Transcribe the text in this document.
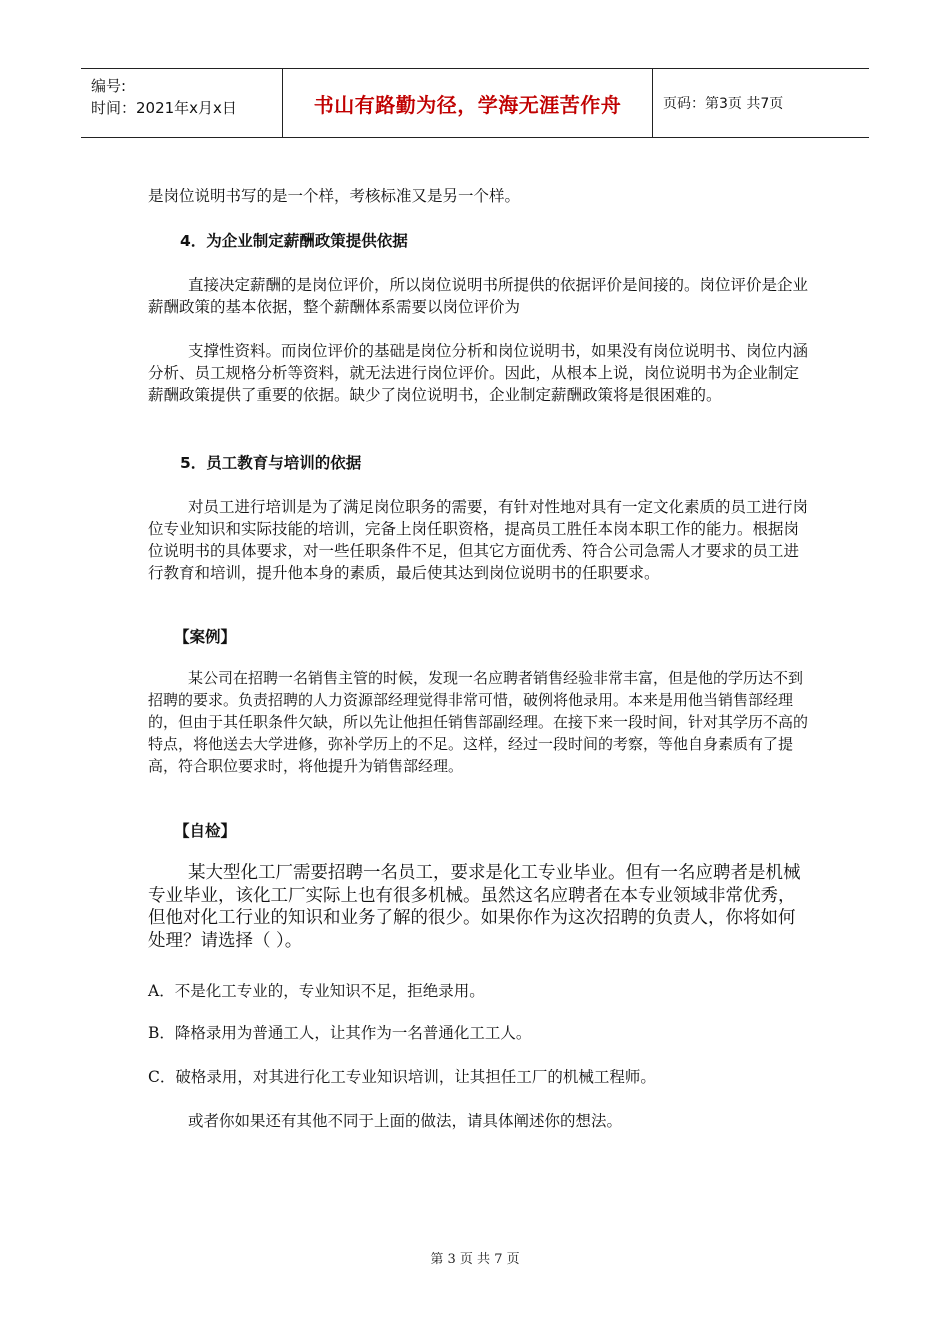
编号:
时间：2021年x月x日	书山有路勤为径，学海无涯苦作舟	页码：第3页 共7页

是岗位说明书写的是一个样，考核标准又是另一个样。

4．为企业制定薪酬政策提供依据

直接决定薪酬的是岗位评价，所以岗位说明书所提供的依据评价是间接的。岗位评价是企业薪酬政策的基本依据，整个薪酬体系需要以岗位评价为

支撑性资料。而岗位评价的基础是岗位分析和岗位说明书，如果没有岗位说明书、岗位内涵分析、员工规格分析等资料，就无法进行岗位评价。因此，从根本上说，岗位说明书为企业制定薪酬政策提供了重要的依据。缺少了岗位说明书，企业制定薪酬政策将是很困难的。

5．员工教育与培训的依据

对员工进行培训是为了满足岗位职务的需要，有针对性地对具有一定文化素质的员工进行岗位专业知识和实际技能的培训，完备上岗任职资格，提高员工胜任本岗本职工作的能力。根据岗位说明书的具体要求，对一些任职条件不足，但其它方面优秀、符合公司急需人才要求的员工进行教育和培训，提升他本身的素质，最后使其达到岗位说明书的任职要求。

【案例】

某公司在招聘一名销售主管的时候，发现一名应聘者销售经验非常丰富，但是他的学历达不到招聘的要求。负责招聘的人力资源部经理觉得非常可惜，破例将他录用。本来是用他当销售部经理的，但由于其任职条件欠缺，所以先让他担任销售部副经理。在接下来一段时间，针对其学历不高的特点，将他送去大学进修，弥补学历上的不足。这样，经过一段时间的考察，等他自身素质有了提高，符合职位要求时，将他提升为销售部经理。

【自检】

某大型化工厂需要招聘一名员工，要求是化工专业毕业。但有一名应聘者是机械专业毕业，该化工厂实际上也有很多机械。虽然这名应聘者在本专业领域非常优秀，但他对化工行业的知识和业务了解的很少。如果你作为这次招聘的负责人，你将如何处理？请选择（ ）。

A．不是化工专业的，专业知识不足，拒绝录用。

B．降格录用为普通工人，让其作为一名普通化工工人。

C．破格录用，对其进行化工专业知识培训，让其担任工厂的机械工程师。

或者你如果还有其他不同于上面的做法，请具体阐述你的想法。

第 3 页 共 7 页
